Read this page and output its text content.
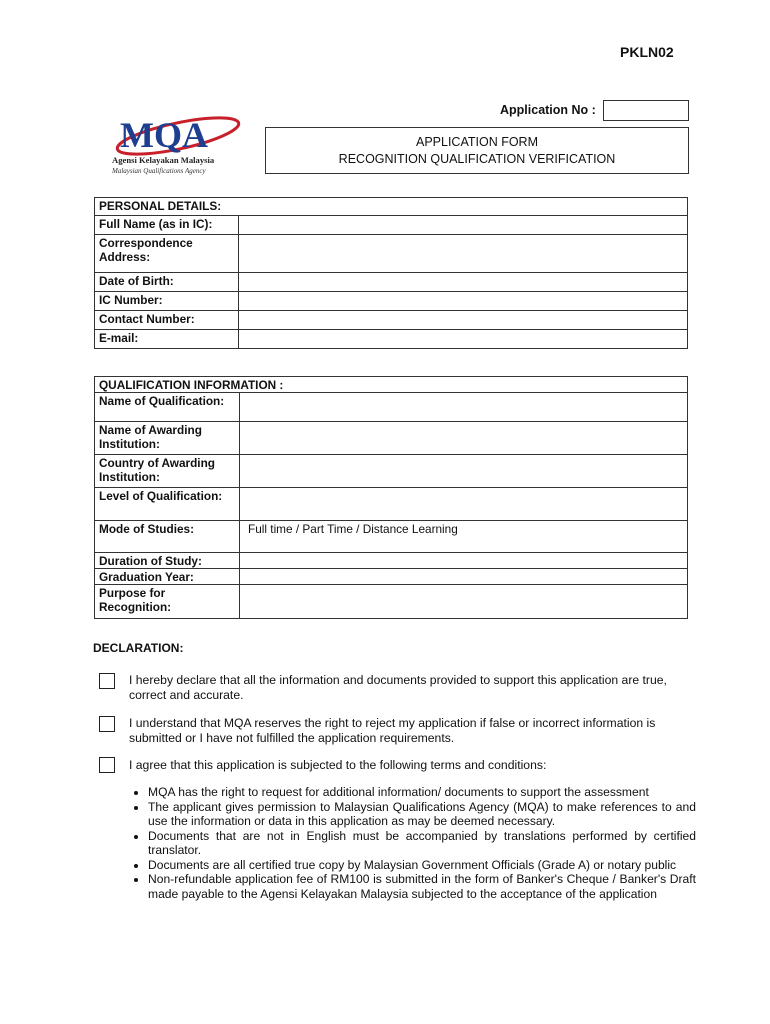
PKLN02
Application No :
MQA
Agensi Kelayakan Malaysia
Malaysian Qualifications Agency
APPLICATION FORM
RECOGNITION QUALIFICATION VERIFICATION
PERSONAL DETAILS:	
Full Name (as in IC):	
Correspondence Address:	
Date of Birth:	
IC Number:	
Contact Number:	
E-mail:	
QUALIFICATION INFORMATION :	
Name of Qualification:	
Name of Awarding Institution:	
Country of Awarding Institution:	
Level of Qualification:	
Mode of Studies:	Full time / Part Time / Distance Learning
Duration of Study:	
Graduation Year:	
Purpose for Recognition:	
DECLARATION:
I hereby declare that all the information and documents provided to support this application are true, correct and accurate.
I understand that MQA reserves the right to reject my application if false or incorrect information is submitted or I have not fulfilled the application requirements.
I agree that this application is subjected to the following terms and conditions:
• MQA has the right to request for additional information/ documents to support the assessment
• The applicant gives permission to Malaysian Qualifications Agency (MQA) to make references to and use the information or data in this application as may be deemed necessary.
• Documents that are not in English must be accompanied by translations performed by certified translator.
• Documents are all certified true copy by Malaysian Government Officials (Grade A) or notary public
• Non-refundable application fee of RM100 is submitted in the form of Banker's Cheque / Banker's Draft made payable to the Agensi Kelayakan Malaysia subjected to the acceptance of the application
